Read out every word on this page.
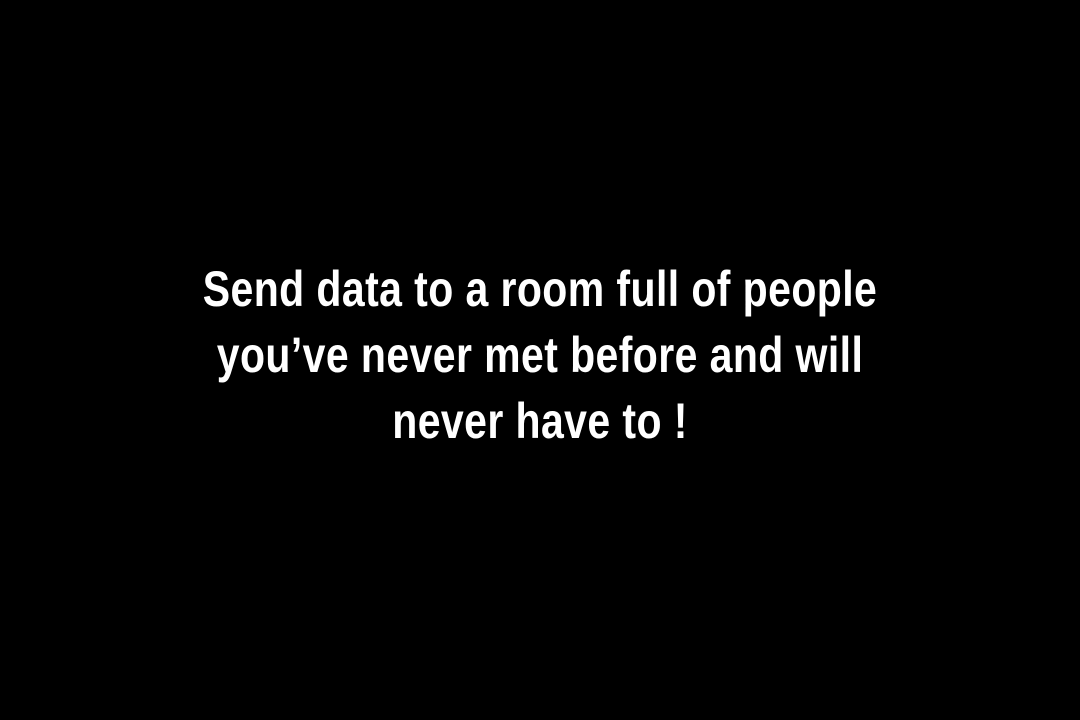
Send data to a room full of people
you’ve never met before and will
never have to !
